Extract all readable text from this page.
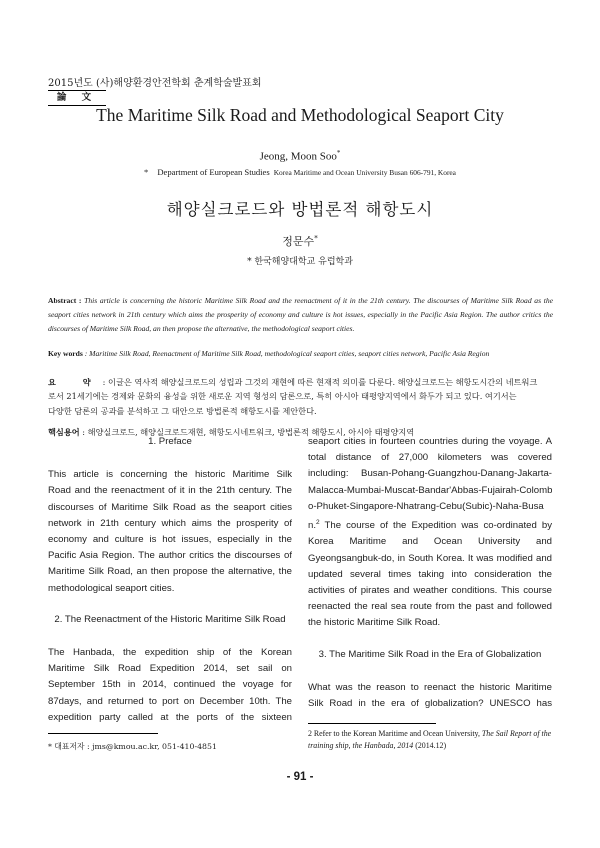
2015년도 (사)해양환경안전학회 춘계학술발표회
論 文
The Maritime Silk Road and Methodological Seaport City
Jeong, Moon Soo*
* Department of European Studies Korea Maritime and Ocean University Busan 606-791, Korea
해양실크로드와 방법론적 해항도시
정문수*
* 한국해양대학교 유럽학과
Abstract : This article is concerning the historic Maritime Silk Road and the reenactment of it in the 21th century. The discourses of Maritime Silk Road as the seaport cities network in 21th century which aims the prosperity of economy and culture is hot issues, especially in the Pacific Asia Region. The author critics the discourses of Maritime Silk Road, an then propose the alternative, the methodological seaport cities.
Key words : Maritime Silk Road, Reenactment of Maritime Silk Road, methodological seaport cities, seaport cities network, Pacific Asia Region
요 약: 이글은 역사적 해양실크로드의 성립과 그것의 재현에 따른 현재적 의미를 다룬다. 해양실크로드는 해항도시간의 네트워크
로서 21세기에는 경제와 문화의 융성을 위한 새로운 지역 형성의 담론으로, 특히 아시아 태평양지역에서 화두가 되고 있다. 여기서는
다양한 담론의 공과를 분석하고 그 대안으로 방법론적 해항도시를 제안한다.
핵심용어 : 해양실크로드, 해양실크로드재현, 해항도시네트워크, 방법론적 해항도시, 아시아 태평양지역
1. Preface
This article is concerning the historic Maritime Silk
Road and the reenactment of it in the 21th century. The
discourses of Maritime Silk Road as the seaport cities
network in 21th century which aims the prosperity of
economy and culture is hot issues, especially in the
Pacific Asia Region. The author critics the discourses of
Maritime Silk Road, an then propose the alternative, the
methodological seaport cities.
2. The Reenactment of the Historic Maritime Silk Road
The Hanbada, the expedition ship of the Korean
Maritime Silk Road Expedition 2014, set sail on
September 15th in 2014, continued the voyage for
87days, and returned to port on December 10th. The
expedition party called at the ports of the sixteen
seaport cities in fourteen countries during the voyage. A
total distance of 27,000 kilometers was covered
including: Busan-Pohang-Guangzhou-Danang-Jakarta-
Malacca-Mumbai-Muscat-Bandar'Abbas-Fujairah-Colomb
o-Phuket-Singapore-Nhatrang-Cebu(Subic)-Naha-Busa
n.$^2$ The course of the Expedition was co-ordinated by
Korea Maritime and Ocean University and
Gyeongsangbuk-do, in South Korea. It was modified and
updated several times taking into consideration the
activities of pirates and weather conditions. This course
reenacted the real sea route from the past and followed
the historic Maritime Silk Road.
3. The Maritime Silk Road in the Era of Globalization
What was the reason to reenact the historic Maritime
Silk Road in the era of globalization? UNESCO has
* 대표저자 : jms@kmou.ac.kr, 051-410-4851
2 Refer to the Korean Maritime and Ocean University, The Sail Report of the training ship, the Hanbada, 2014 (2014.12)
- 91 -
